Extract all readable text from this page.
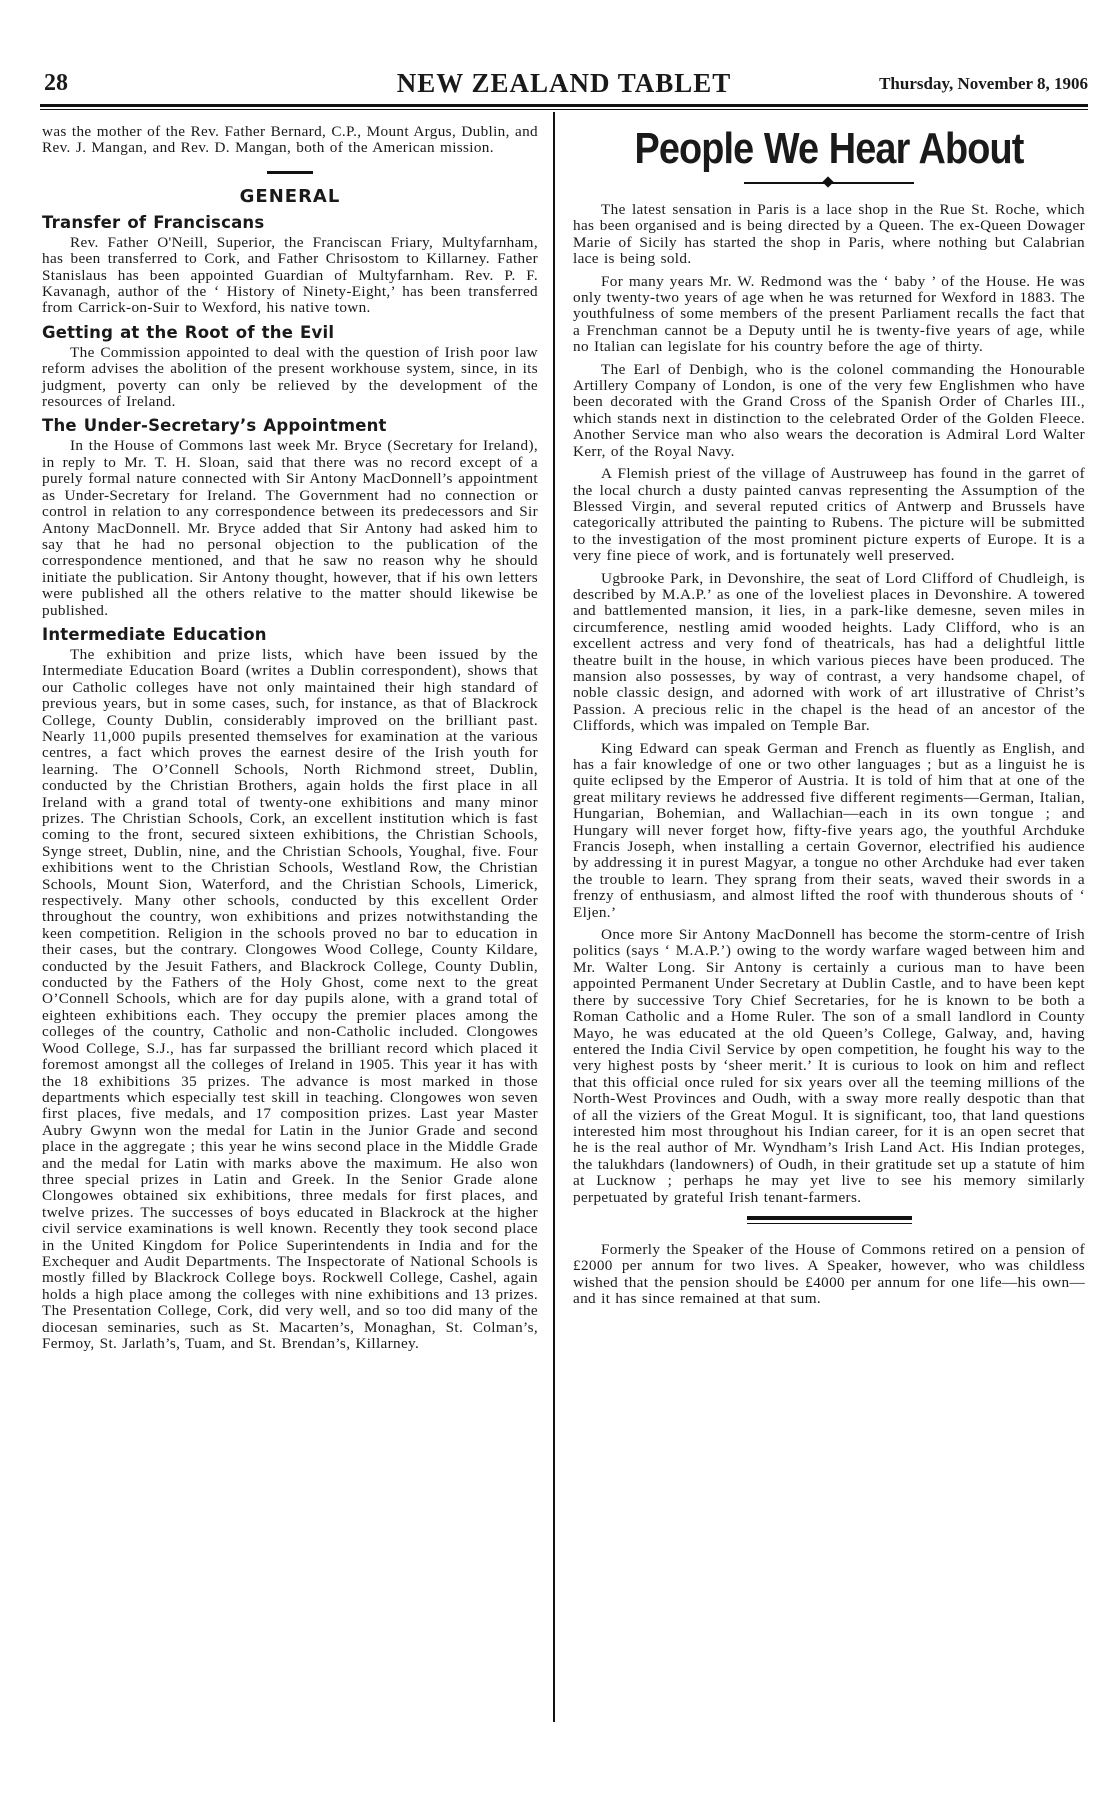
28	NEW ZEALAND TABLET	Thursday, November 8, 1906

was the mother of the Rev. Father Bernard, C.P., Mount Argus, Dublin, and Rev. J. Mangan, and Rev. D. Mangan, both of the American mission.

GENERAL
Transfer of Franciscans

Rev. Father O'Neill, Superior, the Franciscan Friary, Multyfarnham, has been transferred to Cork, and Father Chrisostom to Killarney. Father Stanislaus has been appointed Guardian of Multyfarnham. Rev. P. F. Kavanagh, author of the ‘ History of Ninety-Eight,’ has been transferred from Carrick-on-Suir to Wexford, his native town.

Getting at the Root of the Evil

The Commission appointed to deal with the question of Irish poor law reform advises the abolition of the present workhouse system, since, in its judgment, poverty can only be relieved by the development of the resources of Ireland.

The Under-Secretary’s Appointment

In the House of Commons last week Mr. Bryce (Secretary for Ireland), in reply to Mr. T. H. Sloan, said that there was no record except of a purely formal nature connected with Sir Antony MacDonnell’s appointment as Under-Secretary for Ireland. The Government had no connection or control in relation to any correspondence between its predecessors and Sir Antony MacDonnell. Mr. Bryce added that Sir Antony had asked him to say that he had no personal objection to the publication of the correspondence mentioned, and that he saw no reason why he should initiate the publication. Sir Antony thought, however, that if his own letters were published all the others relative to the matter should likewise be published.

Intermediate Education

The exhibition and prize lists, which have been issued by the Intermediate Education Board (writes a Dublin correspondent), shows that our Catholic colleges have not only maintained their high standard of previous years, but in some cases, such, for instance, as that of Blackrock College, County Dublin, considerably improved on the brilliant past. Nearly 11,000 pupils presented themselves for examination at the various centres, a fact which proves the earnest desire of the Irish youth for learning. The O’Connell Schools, North Richmond street, Dublin, conducted by the Christian Brothers, again holds the first place in all Ireland with a grand total of twenty-one exhibitions and many minor prizes. The Christian Schools, Cork, an excellent institution which is fast coming to the front, secured sixteen exhibitions, the Christian Schools, Synge street, Dublin, nine, and the Christian Schools, Youghal, five. Four exhibitions went to the Christian Schools, Westland Row, the Christian Schools, Mount Sion, Waterford, and the Christian Schools, Limerick, respectively. Many other schools, conducted by this excellent Order throughout the country, won exhibitions and prizes notwithstanding the keen competition. Religion in the schools proved no bar to education in their cases, but the contrary. Clongowes Wood College, County Kildare, conducted by the Jesuit Fathers, and Blackrock College, County Dublin, conducted by the Fathers of the Holy Ghost, come next to the great O’Connell Schools, which are for day pupils alone, with a grand total of eighteen exhibitions each. They occupy the premier places among the colleges of the country, Catholic and non-Catholic included. Clongowes Wood College, S.J., has far surpassed the brilliant record which placed it foremost amongst all the colleges of Ireland in 1905. This year it has with the 18 exhibitions 35 prizes. The advance is most marked in those departments which especially test skill in teaching. Clongowes won seven first places, five medals, and 17 composition prizes. Last year Master Aubry Gwynn won the medal for Latin in the Junior Grade and second place in the aggregate ; this year he wins second place in the Middle Grade and the medal for Latin with marks above the maximum. He also won three special prizes in Latin and Greek. In the Senior Grade alone Clongowes obtained six exhibitions, three medals for first places, and twelve prizes. The successes of boys educated in Blackrock at the higher civil service examinations is well known. Recently they took second place in the United Kingdom for Police Superintendents in India and for the Exchequer and Audit Departments. The Inspectorate of National Schools is mostly filled by Blackrock College boys. Rockwell College, Cashel, again holds a high place among the colleges with nine exhibitions and 13 prizes. The Presentation College, Cork, did very well, and so too did many of the diocesan seminaries, such as St. Macarten’s, Monaghan, St. Colman’s, Fermoy, St. Jarlath’s, Tuam, and St. Brendan’s, Killarney.

People We Hear About

The latest sensation in Paris is a lace shop in the Rue St. Roche, which has been organised and is being directed by a Queen. The ex-Queen Dowager Marie of Sicily has started the shop in Paris, where nothing but Calabrian lace is being sold.

For many years Mr. W. Redmond was the ‘ baby ’ of the House. He was only twenty-two years of age when he was returned for Wexford in 1883. The youthfulness of some members of the present Parliament recalls the fact that a Frenchman cannot be a Deputy until he is twenty-five years of age, while no Italian can legislate for his country before the age of thirty.

The Earl of Denbigh, who is the colonel commanding the Honourable Artillery Company of London, is one of the very few Englishmen who have been decorated with the Grand Cross of the Spanish Order of Charles III., which stands next in distinction to the celebrated Order of the Golden Fleece. Another Service man who also wears the decoration is Admiral Lord Walter Kerr, of the Royal Navy.

A Flemish priest of the village of Austruweep has found in the garret of the local church a dusty painted canvas representing the Assumption of the Blessed Virgin, and several reputed critics of Antwerp and Brussels have categorically attributed the painting to Rubens. The picture will be submitted to the investigation of the most prominent picture experts of Europe. It is a very fine piece of work, and is fortunately well preserved.

Ugbrooke Park, in Devonshire, the seat of Lord Clifford of Chudleigh, is described by M.A.P.’ as one of the loveliest places in Devonshire. A towered and battlemented mansion, it lies, in a park-like demesne, seven miles in circumference, nestling amid wooded heights. Lady Clifford, who is an excellent actress and very fond of theatricals, has had a delightful little theatre built in the house, in which various pieces have been produced. The mansion also possesses, by way of contrast, a very handsome chapel, of noble classic design, and adorned with work of art illustrative of Christ’s Passion. A precious relic in the chapel is the head of an ancestor of the Cliffords, which was impaled on Temple Bar.

King Edward can speak German and French as fluently as English, and has a fair knowledge of one or two other languages ; but as a linguist he is quite eclipsed by the Emperor of Austria. It is told of him that at one of the great military reviews he addressed five different regiments—German, Italian, Hungarian, Bohemian, and Wallachian—each in its own tongue ; and Hungary will never forget how, fifty-five years ago, the youthful Archduke Francis Joseph, when installing a certain Governor, electrified his audience by addressing it in purest Magyar, a tongue no other Archduke had ever taken the trouble to learn. They sprang from their seats, waved their swords in a frenzy of enthusiasm, and almost lifted the roof with thunderous shouts of ‘ Eljen.’

Once more Sir Antony MacDonnell has become the storm-centre of Irish politics (says ‘ M.A.P.’) owing to the wordy warfare waged between him and Mr. Walter Long. Sir Antony is certainly a curious man to have been appointed Permanent Under Secretary at Dublin Castle, and to have been kept there by successive Tory Chief Secretaries, for he is known to be both a Roman Catholic and a Home Ruler. The son of a small landlord in County Mayo, he was educated at the old Queen’s College, Galway, and, having entered the India Civil Service by open competition, he fought his way to the very highest posts by ‘sheer merit.’ It is curious to look on him and reflect that this official once ruled for six years over all the teeming millions of the North-West Provinces and Oudh, with a sway more really despotic than that of all the viziers of the Great Mogul. It is significant, too, that land questions interested him most throughout his Indian career, for it is an open secret that he is the real author of Mr. Wyndham’s Irish Land Act. His Indian proteges, the talukhdars (landowners) of Oudh, in their gratitude set up a statute of him at Lucknow ; perhaps he may yet live to see his memory similarly perpetuated by grateful Irish tenant-farmers.

Formerly the Speaker of the House of Commons retired on a pension of £2000 per annum for two lives. A Speaker, however, who was childless wished that the pension should be £4000 per annum for one life—his own—and it has since remained at that sum.
